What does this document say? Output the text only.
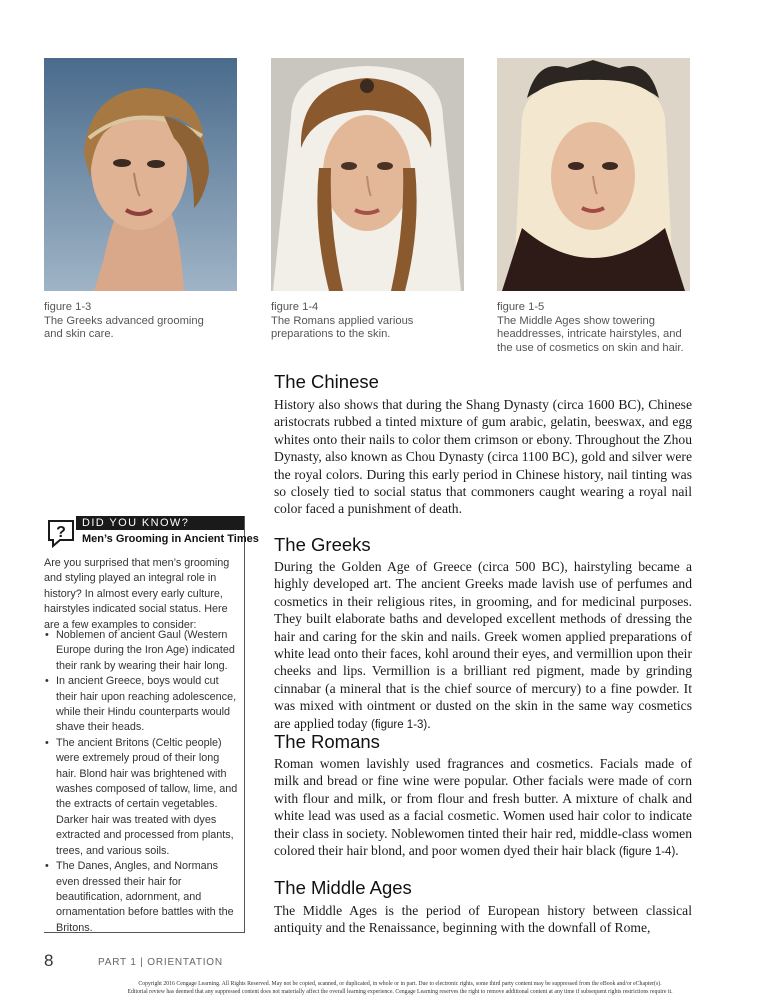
figure 1-3
The Greeks advanced grooming
and skin care.
figure 1-4
The Romans applied various
preparations to the skin.
figure 1-5
The Middle Ages show towering
headdresses, intricate hairstyles, and
the use of cosmetics on skin and hair.
The Chinese

History also shows that during the Shang Dynasty (circa 1600 BC), Chinese aristocrats rubbed a tinted mixture of gum arabic, gelatin, beeswax, and egg whites onto their nails to color them crimson or ebony. Throughout the Zhou Dynasty, also known as Chou Dynasty (circa 1100 BC), gold and silver were the royal colors. During this early period in Chinese history, nail tinting was so closely tied to social status that commoners caught wearing a royal nail color faced a punishment of death.

The Greeks

During the Golden Age of Greece (circa 500 BC), hairstyling became a highly developed art. The ancient Greeks made lavish use of perfumes and cosmetics in their religious rites, in grooming, and for medicinal purposes. They built elaborate baths and developed excellent methods of dressing the hair and caring for the skin and nails. Greek women applied preparations of white lead onto their faces, kohl around their eyes, and vermillion upon their cheeks and lips. Vermillion is a brilliant red pigment, made by grinding cinnabar (a mineral that is the chief source of mercury) to a fine powder. It was mixed with ointment or dusted on the skin in the same way cosmetics are applied today (figure 1-3).

The Romans

Roman women lavishly used fragrances and cosmetics. Facials made of milk and bread or fine wine were popular. Other facials were made of corn with flour and milk, or from flour and fresh butter. A mixture of chalk and white lead was used as a facial cosmetic. Women used hair color to indicate their class in society. Noblewomen tinted their hair red, middle-class women colored their hair blond, and poor women dyed their hair black (figure 1-4).

The Middle Ages

The Middle Ages is the period of European history between classical antiquity and the Renaissance, beginning with the downfall of Rome,

?
DID YOU KNOW?
Men’s Grooming in Ancient Times

Are you surprised that men’s grooming and styling played an integral role in history? In almost every early culture, hairstyles indicated social status. Here are a few examples to consider:

• Noblemen of ancient Gaul (Western Europe during the Iron Age) indicated their rank by wearing their hair long.
• In ancient Greece, boys would cut their hair upon reaching adolescence, while their Hindu counterparts would shave their heads.
• The ancient Britons (Celtic people) were extremely proud of their long hair. Blond hair was brightened with washes composed of tallow, lime, and the extracts of certain vegetables. Darker hair was treated with dyes extracted and processed from plants, trees, and various soils.
• The Danes, Angles, and Normans even dressed their hair for beautification, adornment, and ornamentation before battles with the Britons.
8	PART 1 | ORIENTATION
Copyright 2016 Cengage Learning. All Rights Reserved. May not be copied, scanned, or duplicated, in whole or in part. Due to electronic rights, some third party content may be suppressed from the eBook and/or eChapter(s).
Editorial review has deemed that any suppressed content does not materially affect the overall learning experience. Cengage Learning reserves the right to remove additional content at any time if subsequent rights restrictions require it.
